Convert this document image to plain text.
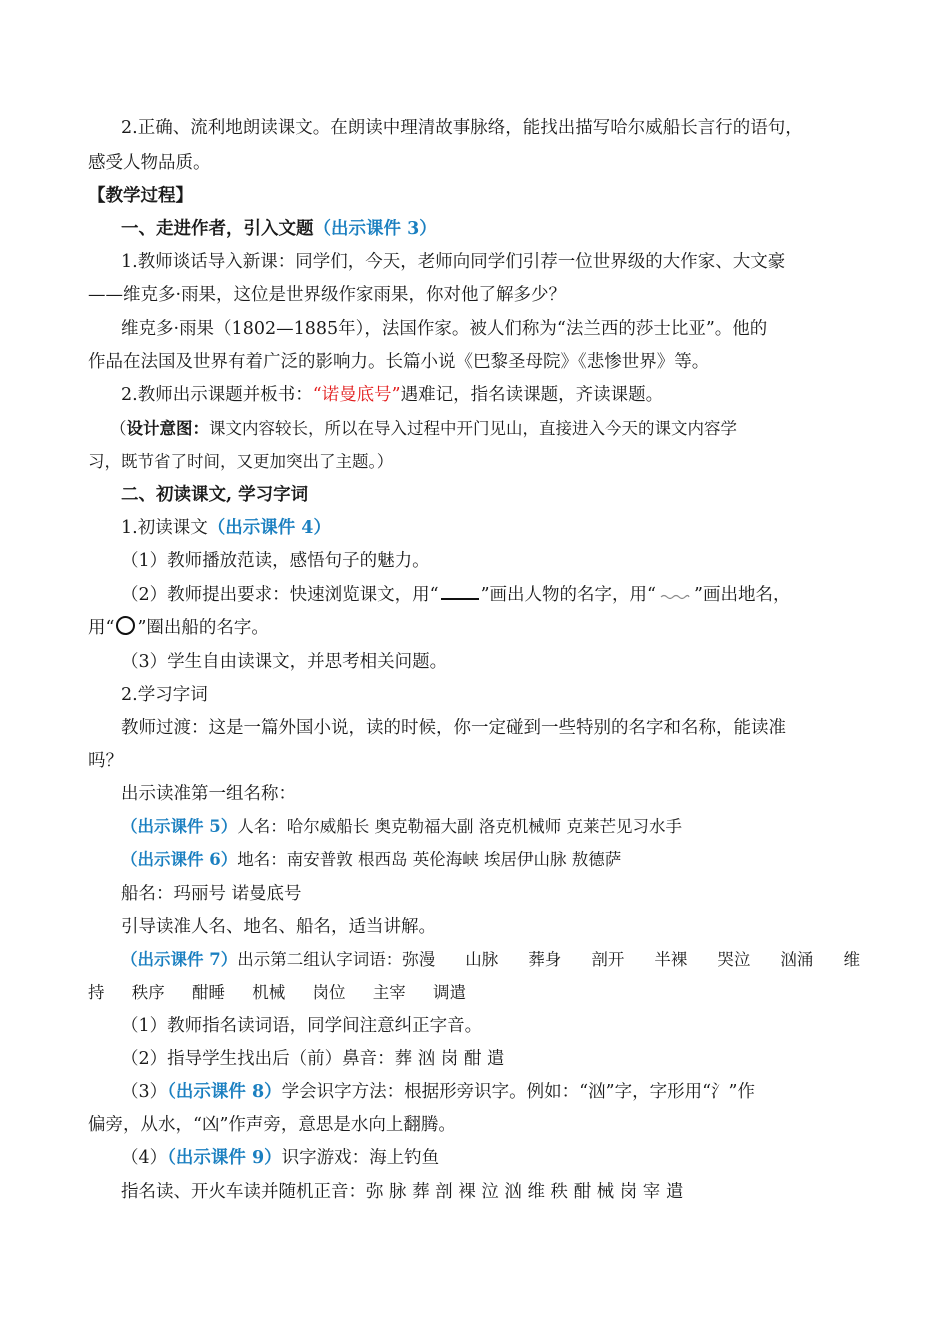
2.正确、流利地朗读课文。在朗读中理清故事脉络，能找出描写哈尔威船长言行的语句，
感受人物品质。
【教学过程】
一、走进作者，引入文题（出示课件 3）
1.教师谈话导入新课：同学们，今天，老师向同学们引荐一位世界级的大作家、大文豪
——维克多·雨果，这位是世界级作家雨果，你对他了解多少？
维克多·雨果（1802—1885年），法国作家。被人们称为“法兰西的莎士比亚”。他的
作品在法国及世界有着广泛的影响力。长篇小说《巴黎圣母院》《悲惨世界》等。
2.教师出示课题并板书：“诺曼底号”遇难记，指名读课题，齐读课题。
（设计意图：课文内容较长，所以在导入过程中开门见山，直接进入今天的课文内容学
习，既节省了时间，又更加突出了主题。）
二、初读课文, 学习字词
1.初读课文（出示课件 4）
（1）教师播放范读，感悟句子的魅力。
（2）教师提出要求：快速浏览课文，用“ ”画出人物的名字，用“ ”画出地名，
用“ ○ ”圈出船的名字。
（3）学生自由读课文，并思考相关问题。
2.学习字词
教师过渡：这是一篇外国小说，读的时候，你一定碰到一些特别的名字和名称，能读准
吗？
出示读准第一组名称：
（出示课件 5）人名：哈尔威船长 奥克勒福大副 洛克机械师 克莱芒见习水手
（出示课件 6）地名：南安普敦 根西岛 英伦海峡 埃居伊山脉 敖德萨
船名：玛丽号 诺曼底号
引导读准人名、地名、船名，适当讲解。
（出示课件 7）出示第二组认字词语：弥漫 山脉 葬身 剖开 半裸 哭泣 汹涌 维
持 秩序 酣睡 机械 岗位 主宰 调遣
（1）教师指名读词语，同学间注意纠正字音。
（2）指导学生找出后（前）鼻音：葬 汹 岗 酣 遣
（3）（出示课件 8）学会识字方法：根据形旁识字。例如：“汹”字，字形用“氵”作
偏旁，从水，“凶”作声旁，意思是水向上翻腾。
（4）（出示课件 9）识字游戏：海上钓鱼
指名读、开火车读并随机正音：弥 脉 葬 剖 裸 泣 汹 维 秩 酣 械 岗 宰 遣
